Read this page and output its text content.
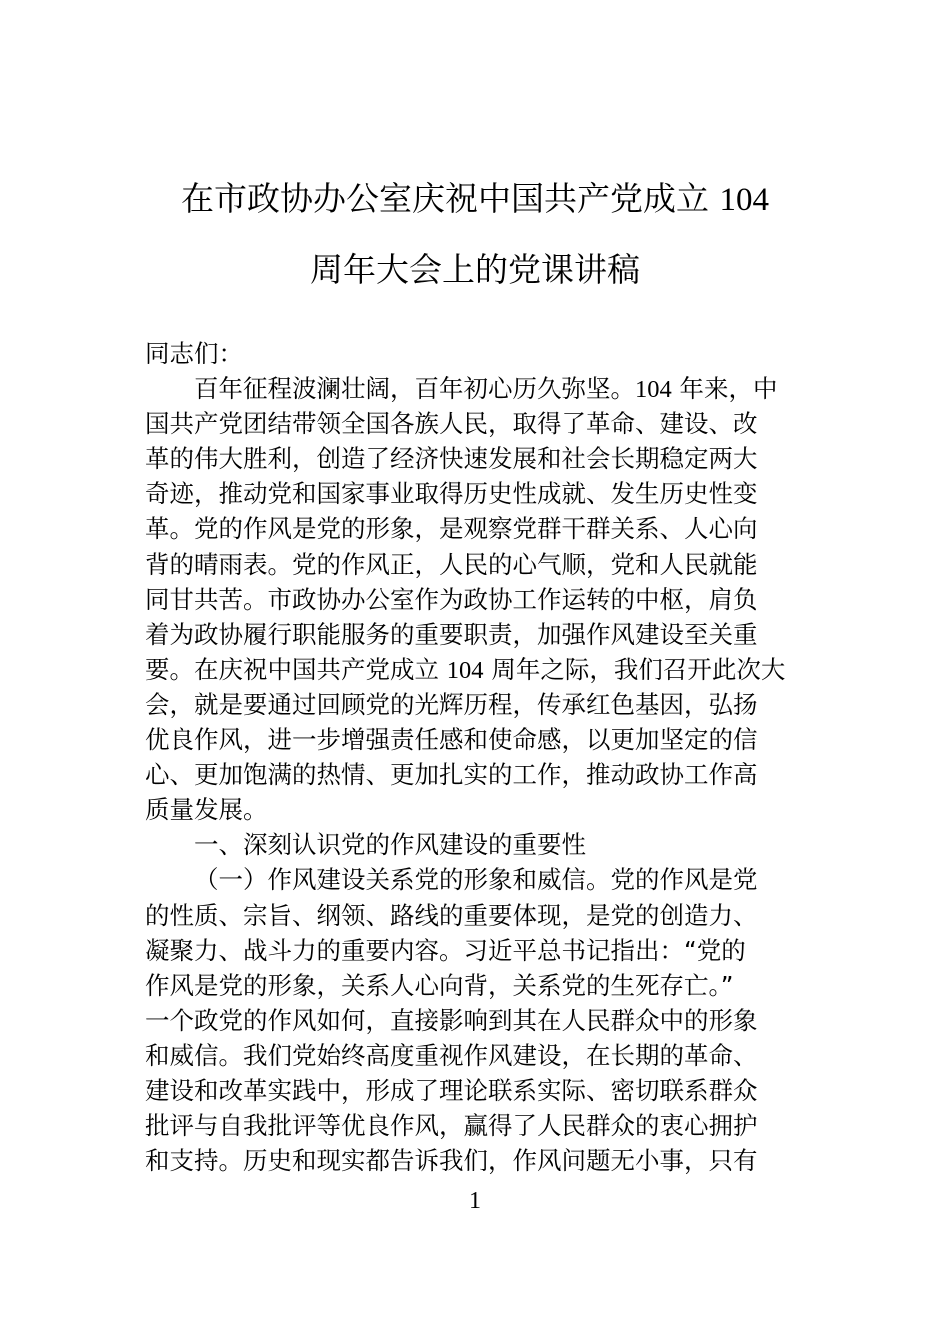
在市政协办公室庆祝中国共产党成立 104
周年大会上的党课讲稿
同志们：
百年征程波澜壮阔，百年初心历久弥坚。104 年来，中
国共产党团结带领全国各族人民，取得了革命、建设、改
革的伟大胜利，创造了经济快速发展和社会长期稳定两大
奇迹，推动党和国家事业取得历史性成就、发生历史性变
革。党的作风是党的形象，是观察党群干群关系、人心向
背的晴雨表。党的作风正，人民的心气顺，党和人民就能
同甘共苦。市政协办公室作为政协工作运转的中枢，肩负
着为政协履行职能服务的重要职责，加强作风建设至关重
要。在庆祝中国共产党成立 104 周年之际，我们召开此次大
会，就是要通过回顾党的光辉历程，传承红色基因，弘扬
优良作风，进一步增强责任感和使命感，以更加坚定的信
心、更加饱满的热情、更加扎实的工作，推动政协工作高
质量发展。
一、深刻认识党的作风建设的重要性
（一）作风建设关系党的形象和威信。党的作风是党
的性质、宗旨、纲领、路线的重要体现，是党的创造力、
凝聚力、战斗力的重要内容。习近平总书记指出：“党的
作风是党的形象，关系人心向背，关系党的生死存亡。”
一个政党的作风如何，直接影响到其在人民群众中的形象
和威信。我们党始终高度重视作风建设，在长期的革命、
建设和改革实践中，形成了理论联系实际、密切联系群众
批评与自我批评等优良作风，赢得了人民群众的衷心拥护
和支持。历史和现实都告诉我们，作风问题无小事，只有
1
